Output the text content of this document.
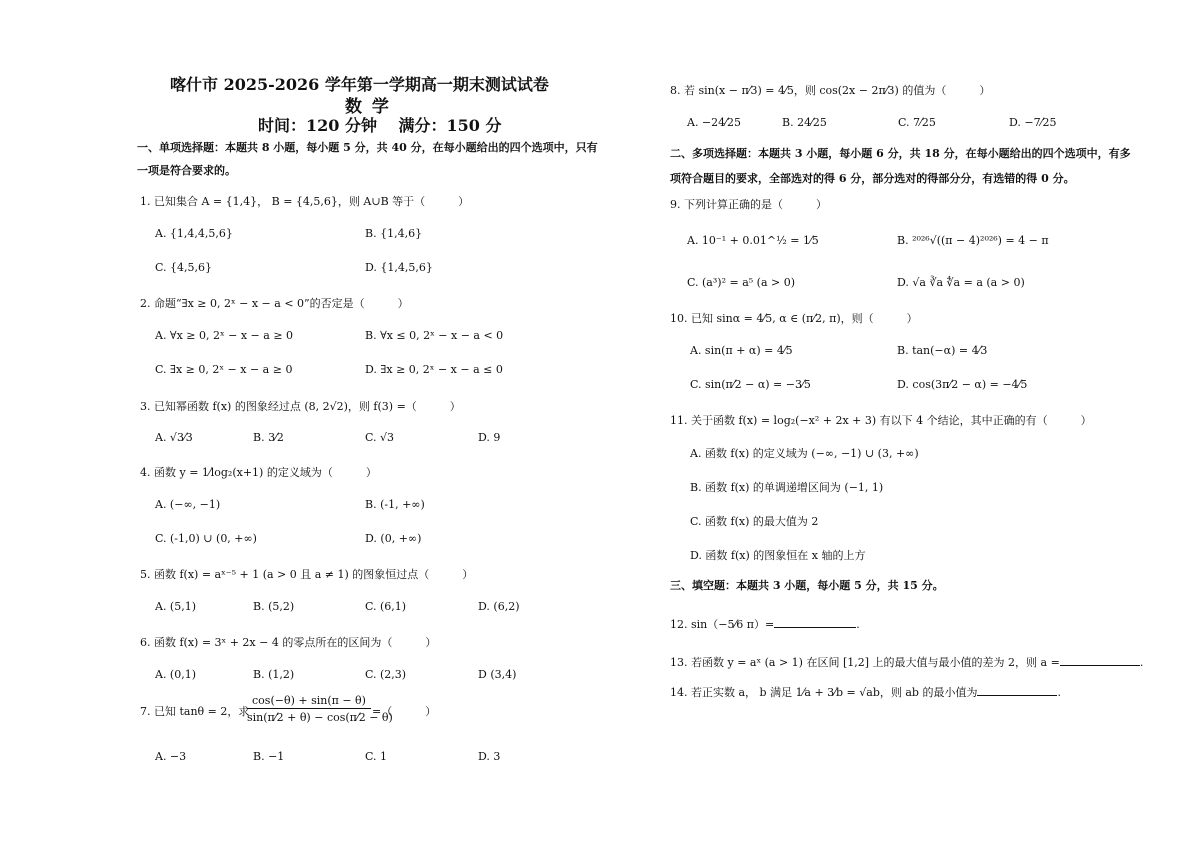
喀什市 2025-2026 学年第一学期高一期末测试试卷
数 学
时间：120 分钟　 满分：150 分
一、单项选择题：本题共 8 小题，每小题 5 分，共 40 分，在每小题给出的四个选项中，只有
一项是符合要求的。
1. 已知集合 A = {1,4}， B = {4,5,6}，则 A∪B 等于（　　　）
A. {1,4,4,5,6}	B. {1,4,6}
C. {4,5,6}	D. {1,4,5,6}
2. 命题“∃x ≥ 0, 2ˣ − x − a < 0”的否定是（　　　）
A. ∀x ≥ 0, 2ˣ − x − a ≥ 0	B. ∀x ≤ 0, 2ˣ − x − a < 0
C. ∃x ≥ 0, 2ˣ − x − a ≥ 0	D. ∃x ≥ 0, 2ˣ − x − a ≤ 0
3. 已知幂函数 f(x) 的图象经过点 (8, 2√2)，则 f(3) =（　　　）
A. √3⁄3	B. 3⁄2	C. √3	D. 9
4. 函数 y = 1⁄log₂(x+1) 的定义域为（　　　）
A. (−∞, −1)	B. (-1, +∞)
C. (-1,0) ∪ (0, +∞)	D. (0, +∞)
5. 函数 f(x) = aˣ⁻⁵ + 1 (a > 0 且 a ≠ 1) 的图象恒过点（　　　）
A. (5,1)	B. (5,2)	C. (6,1)	D. (6,2)
6. 函数 f(x) = 3ˣ + 2x − 4 的零点所在的区间为（　　　）
A. (0,1)	B. (1,2)	C. (2,3)	D (3,4)
7. 已知 tanθ = 2，求
$\frac{\cos(-\theta) + \sin(\pi - \theta)}{\sin(\pi⁄2 + \theta) - \cos(\pi⁄2 - \theta)}$ =（　　　）
A. −3	B. −1	C. 1	D. 3
8. 若 sin(x − π⁄3) = 4⁄5，则 cos(2x − 2π⁄3) 的值为（　　　）
A. −24⁄25	B. 24⁄25	C. 7⁄25	D. −7⁄25
二、多项选择题：本题共 3 小题，每小题 6 分，共 18 分，在每小题给出的四个选项中，有多
项符合题目的要求，全部选对的得 6 分，部分选对的得部分分，有选错的得 0 分。
9. 下列计算正确的是（　　　）
A. 10⁻¹ + 0.01^½ = 1⁄5	B. ²⁰²⁶√((π − 4)²⁰²⁶) = 4 − π
C. (a³)² = a⁵ (a > 0)	D. √a ∛a ∜a = a (a > 0)
10. 已知 sinα = 4⁄5, α ∈ (π⁄2, π)，则（　　　）
A. sin(π + α) = 4⁄5	B. tan(−α) = 4⁄3
C. sin(π⁄2 − α) = −3⁄5	D. cos(3π⁄2 − α) = −4⁄5
11. 关于函数 f(x) = log₂(−x² + 2x + 3) 有以下 4 个结论，其中正确的有（　　　）
A. 函数 f(x) 的定义域为 (−∞, −1) ∪ (3, +∞)
B. 函数 f(x) 的单调递增区间为 (−1, 1)
C. 函数 f(x) 的最大值为 2
D. 函数 f(x) 的图象恒在 x 轴的上方
三、填空题：本题共 3 小题，每小题 5 分，共 15 分。
12. sin（−5⁄6 π）=	.
13. 若函数 y = aˣ (a > 1) 在区间 [1,2] 上的最大值与最小值的差为 2，则 a =	.
14. 若正实数 a， b 满足 1⁄a + 3⁄b = √ab，则 ab 的最小值为	.
